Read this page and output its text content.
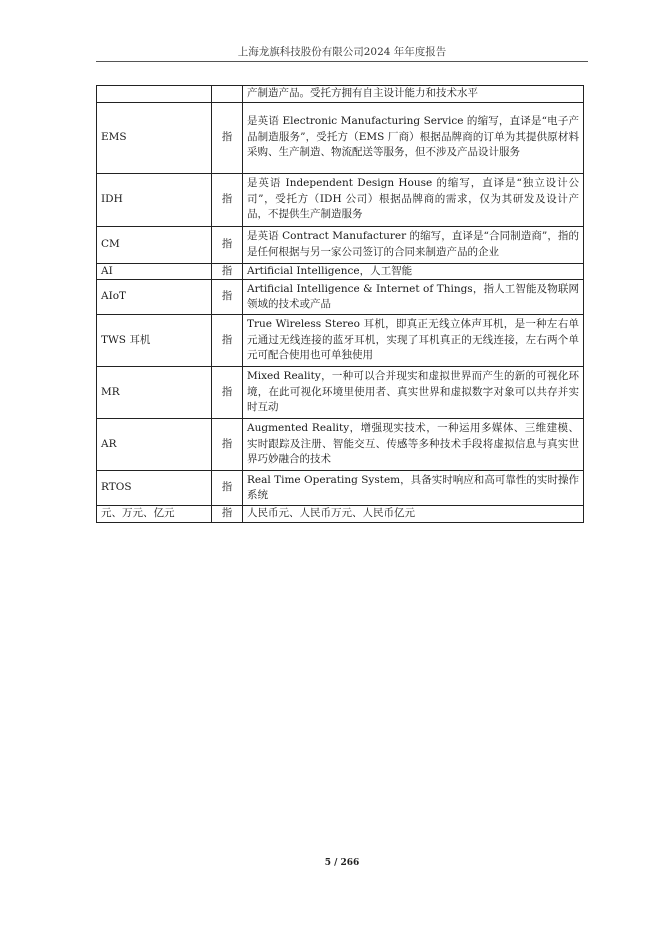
上海龙旗科技股份有限公司2024 年年度报告
		产制造产品。受托方拥有自主设计能力和技术水平
EMS	指	是英语 Electronic Manufacturing Service 的缩写，直译是“电子产品制造服务”，受托方（EMS 厂商）根据品牌商的订单为其提供原材料采购、生产制造、物流配送等服务，但不涉及产品设计服务
IDH	指	是英语 Independent Design House 的缩写，直译是“独立设计公司”，受托方（IDH 公司）根据品牌商的需求，仅为其研发及设计产品，不提供生产制造服务
CM	指	是英语 Contract Manufacturer 的缩写，直译是“合同制造商”，指的是任何根据与另一家公司签订的合同来制造产品的企业
AI	指	Artificial Intelligence，人工智能
AIoT	指	Artificial Intelligence & Internet of Things，指人工智能及物联网领域的技术或产品
TWS 耳机	指	True Wireless Stereo 耳机，即真正无线立体声耳机，是一种左右单元通过无线连接的蓝牙耳机，实现了耳机真正的无线连接，左右两个单元可配合使用也可单独使用
MR	指	Mixed Reality，一种可以合并现实和虚拟世界而产生的新的可视化环境，在此可视化环境里使用者、真实世界和虚拟数字对象可以共存并实时互动
AR	指	Augmented Reality，增强现实技术，一种运用多媒体、三维建模、实时跟踪及注册、智能交互、传感等多种技术手段将虚拟信息与真实世界巧妙融合的技术
RTOS	指	Real Time Operating System，具备实时响应和高可靠性的实时操作系统
元、万元、亿元	指	人民币元、人民币万元、人民币亿元
5 / 266
